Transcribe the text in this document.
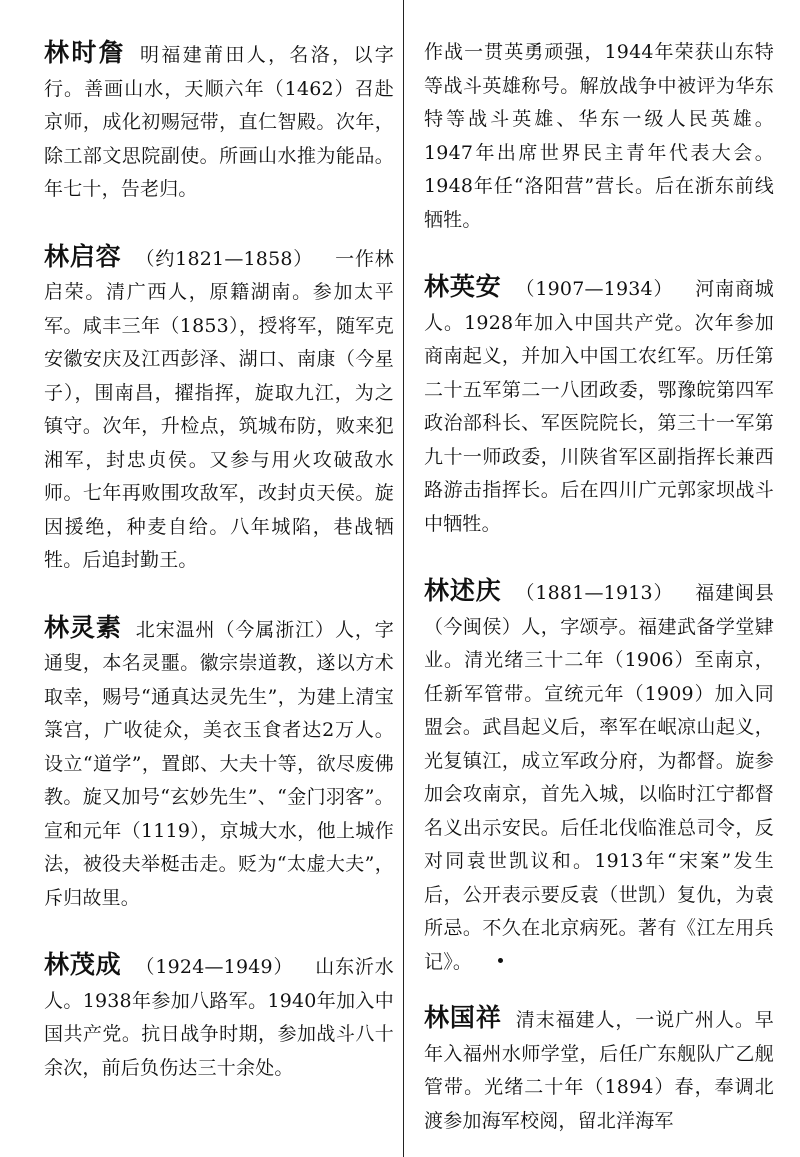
林时詹 明福建莆田人，名洛，以字行。善画山水，天顺六年（1462）召赴京师，成化初赐冠带，直仁智殿。次年，除工部文思院副使。所画山水推为能品。年七十，告老归。

林启容 （约1821—1858） 一作林启荣。清广西人，原籍湖南。参加太平军。咸丰三年（1853），授将军，随军克安徽安庆及江西彭泽、湖口、南康（今星子），围南昌，擢指挥，旋取九江，为之镇守。次年，升检点，筑城布防，败来犯湘军，封忠贞侯。又参与用火攻破敌水师。七年再败围攻敌军，改封贞天侯。旋因援绝，种麦自给。八年城陷，巷战牺牲。后追封勤王。

林灵素 北宋温州（今属浙江）人，字通叟，本名灵噩。徽宗崇道教，遂以方术取幸，赐号“通真达灵先生”，为建上清宝箓宫，广收徒众，美衣玉食者达2万人。设立“道学”，置郎、大夫十等，欲尽废佛教。旋又加号“玄妙先生”、“金门羽客”。宣和元年（1119），京城大水，他上城作法，被役夫举梃击走。贬为“太虚大夫”，斥归故里。

林茂成 （1924—1949） 山东沂水人。1938年参加八路军。1940年加入中国共产党。抗日战争时期，参加战斗八十余次，前后负伤达三十余处。

作战一贯英勇顽强，1944年荣获山东特等战斗英雄称号。解放战争中被评为华东特等战斗英雄、华东一级人民英雄。1947年出席世界民主青年代表大会。1948年任“洛阳营”营长。后在浙东前线牺牲。

林英安 （1907—1934） 河南商城人。1928年加入中国共产党。次年参加商南起义，并加入中国工农红军。历任第二十五军第二一八团政委，鄂豫皖第四军政治部科长、军医院院长，第三十一军第九十一师政委，川陕省军区副指挥长兼西路游击指挥长。后在四川广元郭家坝战斗中牺牲。

林述庆 （1881—1913） 福建闽县（今闽侯）人，字颂亭。福建武备学堂肄业。清光绪三十二年（1906）至南京，任新军管带。宣统元年（1909）加入同盟会。武昌起义后，率军在岷凉山起义，光复镇江，成立军政分府，为都督。旋参加会攻南京，首先入城，以临时江宁都督名义出示安民。后任北伐临淮总司令，反对同袁世凯议和。1913年“宋案”发生后，公开表示要反袁（世凯）复仇，为袁所忌。不久在北京病死。著有《江左用兵记》。

林国祥 清末福建人，一说广州人。早年入福州水师学堂，后任广东舰队广乙舰管带。光绪二十年（1894）春，奉调北渡参加海军校阅，留北洋海军
